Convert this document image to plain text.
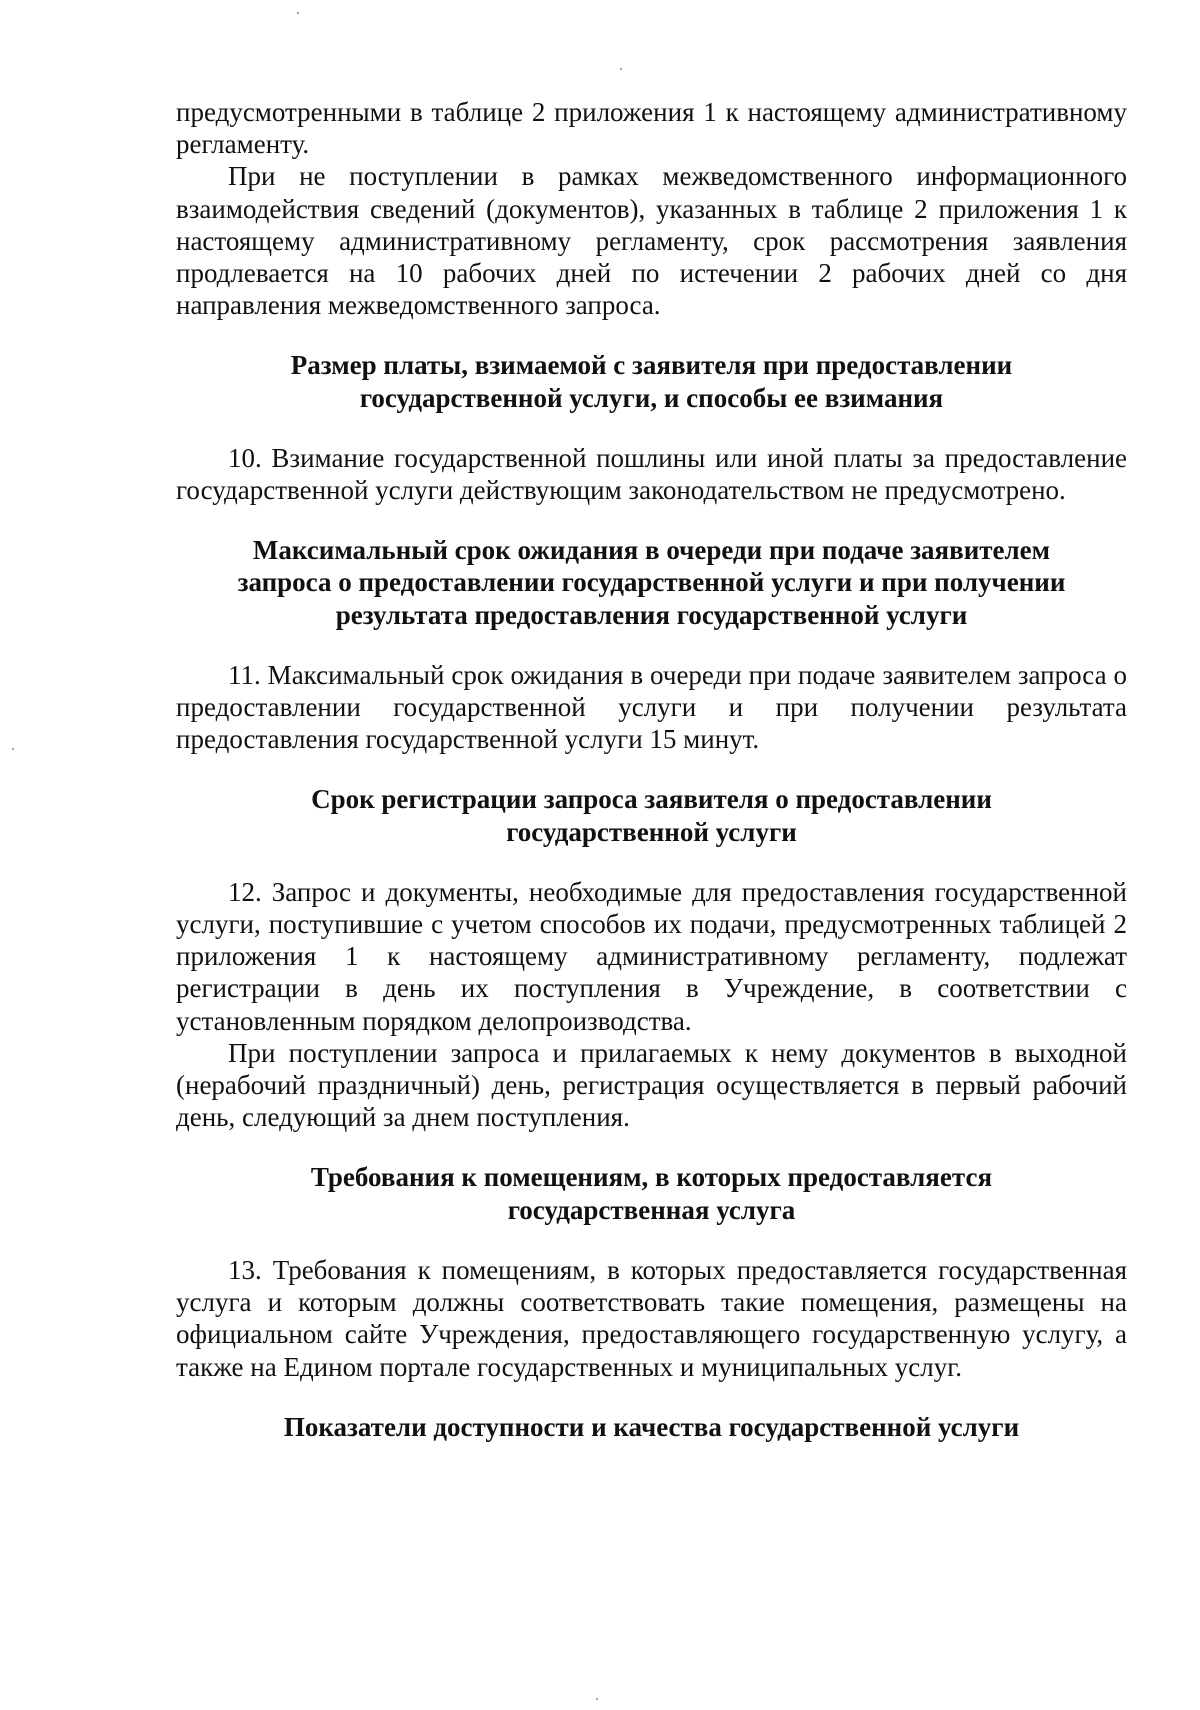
предусмотренными в таблице 2 приложения 1 к настоящему административному регламенту.

При не поступлении в рамках межведомственного информационного взаимодействия сведений (документов), указанных в таблице 2 приложения 1 к настоящему административному регламенту, срок рассмотрения заявления продлевается на 10 рабочих дней по истечении 2 рабочих дней со дня направления межведомственного запроса.

Размер платы, взимаемой с заявителя при предоставлении
государственной услуги, и способы ее взимания

10. Взимание государственной пошлины или иной платы за предоставление государственной услуги действующим законодательством не предусмотрено.

Максимальный срок ожидания в очереди при подаче заявителем
запроса о предоставлении государственной услуги и при получении
результата предоставления государственной услуги

11. Максимальный срок ожидания в очереди при подаче заявителем запроса о предоставлении государственной услуги и при получении результата предоставления государственной услуги 15 минут.

Срок регистрации запроса заявителя о предоставлении
государственной услуги

12. Запрос и документы, необходимые для предоставления государственной услуги, поступившие с учетом способов их подачи, предусмотренных таблицей 2 приложения 1 к настоящему административному регламенту, подлежат регистрации в день их поступления в Учреждение, в соответствии с установленным порядком делопроизводства.

При поступлении запроса и прилагаемых к нему документов в выходной (нерабочий праздничный) день, регистрация осуществляется в первый рабочий день, следующий за днем поступления.

Требования к помещениям, в которых предоставляется
государственная услуга

13. Требования к помещениям, в которых предоставляется государственная услуга и которым должны соответствовать такие помещения, размещены на официальном сайте Учреждения, предоставляющего государственную услугу, а также на Едином портале государственных и муниципальных услуг.

Показатели доступности и качества государственной услуги
